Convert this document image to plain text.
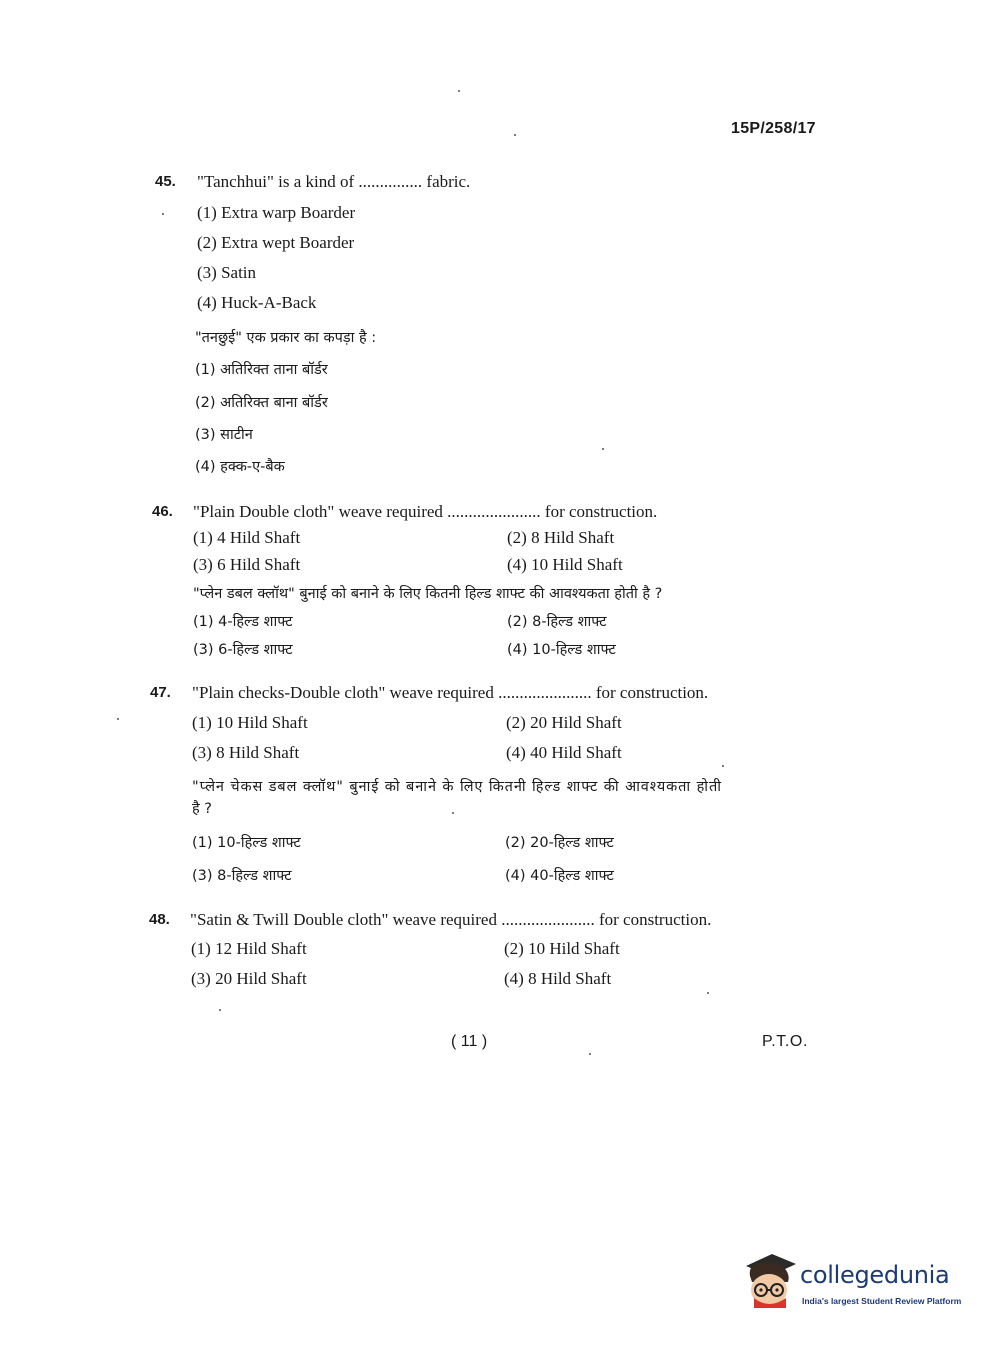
15P/258/17
45. "Tanchhui" is a kind of ............... fabric.
(1) Extra warp Boarder
(2) Extra wept Boarder
(3) Satin
(4) Huck-A-Back
"तनछुई" एक प्रकार का कपड़ा है :
(1) अतिरिक्त ताना बॉर्डर
(2) अतिरिक्त बाना बॉर्डर
(3) साटीन
(4) हक्क-ए-बैक
46. "Plain Double cloth" weave required ...................... for construction.
(1) 4 Hild Shaft	(2) 8 Hild Shaft
(3) 6 Hild Shaft	(4) 10 Hild Shaft
"प्लेन डबल क्लॉथ" बुनाई को बनाने के लिए कितनी हिल्ड शाफ्ट की आवश्यकता होती है ?
(1) 4-हिल्ड शाफ्ट	(2) 8-हिल्ड शाफ्ट
(3) 6-हिल्ड शाफ्ट	(4) 10-हिल्ड शाफ्ट
47. "Plain checks-Double cloth" weave required ...................... for construction.
(1) 10 Hild Shaft	(2) 20 Hild Shaft
(3) 8 Hild Shaft	(4) 40 Hild Shaft
"प्लेन चेकस डबल क्लॉथ" बुनाई को बनाने के लिए कितनी हिल्ड शाफ्ट की आवश्यकता होती
है ?
(1) 10-हिल्ड शाफ्ट	(2) 20-हिल्ड शाफ्ट
(3) 8-हिल्ड शाफ्ट	(4) 40-हिल्ड शाफ्ट
48. "Satin & Twill Double cloth" weave required ...................... for construction.
(1) 12 Hild Shaft	(2) 10 Hild Shaft
(3) 20 Hild Shaft	(4) 8 Hild Shaft
( 11 )	P.T.O.
collegedunia
India's largest Student Review Platform
